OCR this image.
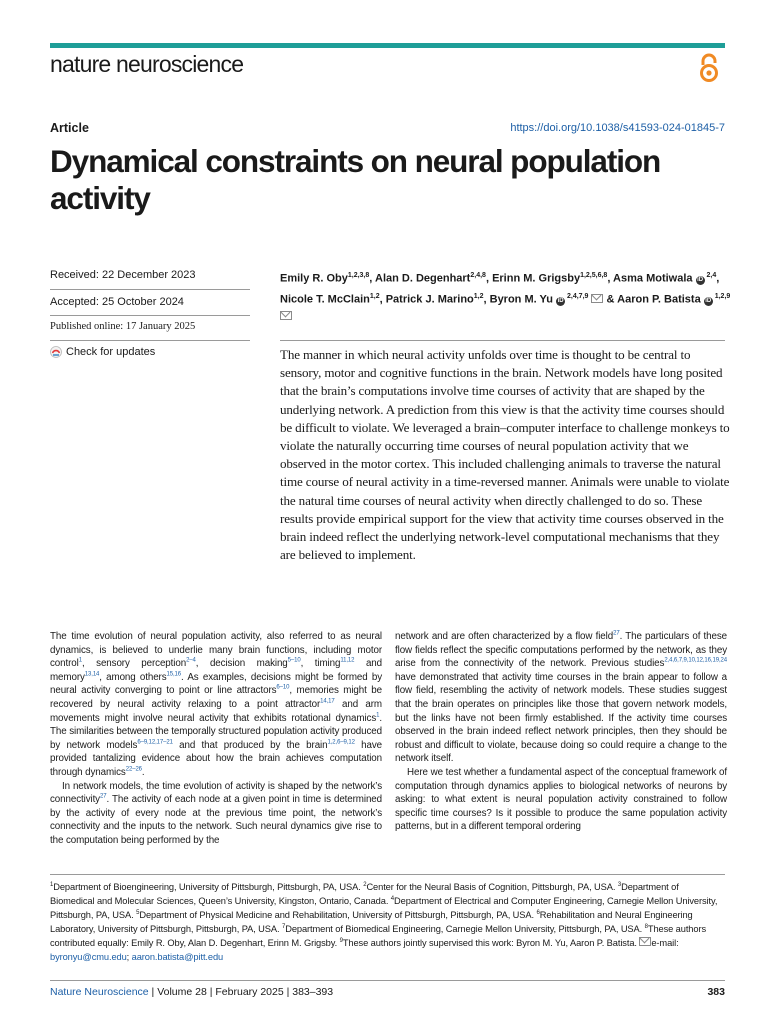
nature neuroscience
Article	https://doi.org/10.1038/s41593-024-01845-7
Dynamical constraints on neural population activity
Received: 22 December 2023
Accepted: 25 October 2024
Published online: 17 January 2025
Check for updates

Emily R. Oby$^{1,2,3,8}$, Alan D. Degenhart$^{2,4,8}$, Erinn M. Grigsby$^{1,2,5,6,8}$, Asma Motiwala iD $^{2,4}$, Nicole T. McClain$^{1,2}$, Patrick J. Marino$^{1,2}$, Byron M. Yu iD $^{2,4,7,9}$  & Aaron P. Batista iD $^{1,2,9}$

The manner in which neural activity unfolds over time is thought to be central to sensory, motor and cognitive functions in the brain. Network models have long posited that the brain’s computations involve time courses of activity that are shaped by the underlying network. A prediction from this view is that the activity time courses should be difficult to violate. We leveraged a brain–computer interface to challenge monkeys to violate the naturally occurring time courses of neural population activity that we observed in the motor cortex. This included challenging animals to traverse the natural time course of neural activity in a time-reversed manner. Animals were unable to violate the natural time courses of neural activity when directly challenged to do so. These results provide empirical support for the view that activity time courses observed in the brain indeed reflect the underlying network-level computational mechanisms that they are believed to implement.

The time evolution of neural population activity, also referred to as neural dynamics, is believed to underlie many brain functions, including motor control$^1$, sensory perception$^{2-4}$, decision making$^{5-10}$, timing$^{11,12}$ and memory$^{13,14}$, among others$^{15,16}$. As examples, decisions might be formed by neural activity converging to point or line attractors$^{6-10}$, memories might be recovered by neural activity relaxing to a point attractor$^{14,17}$ and arm movements might involve neural activity that exhibits rotational dynamics$^1$. The similarities between the temporally structured population activity produced by network models$^{6-9,12,17-21}$ and that produced by the brain$^{1,2,6-9,12}$ have provided tantalizing evidence about how the brain achieves computation through dynamics$^{22-26}$.

In network models, the time evolution of activity is shaped by the network’s connectivity$^{27}$. The activity of each node at a given point in time is determined by the activity of every node at the previous time point, the network’s connectivity and the inputs to the network. Such neural dynamics give rise to the computation being performed by the

network and are often characterized by a flow field$^{27}$. The particulars of these flow fields reflect the specific computations performed by the network, as they arise from the connectivity of the network. Previous studies$^{2,4,6,7,9,10,12,16,19,24}$ have demonstrated that activity time courses in the brain appear to follow a flow field, resembling the activity of network models. These studies suggest that the brain operates on principles like those that govern network models, but the links have not been firmly established. If the activity time courses observed in the brain indeed reflect network principles, then they should be robust and difficult to violate, because doing so could require a change to the network itself.

Here we test whether a fundamental aspect of the conceptual framework of computation through dynamics applies to biological networks of neurons by asking: to what extent is neural population activity constrained to follow specific time courses? Is it possible to produce the same population activity patterns, but in a different temporal ordering

$^1$Department of Bioengineering, University of Pittsburgh, Pittsburgh, PA, USA. $^2$Center for the Neural Basis of Cognition, Pittsburgh, PA, USA. $^3$Department of Biomedical and Molecular Sciences, Queen’s University, Kingston, Ontario, Canada. $^4$Department of Electrical and Computer Engineering, Carnegie Mellon University, Pittsburgh, PA, USA. $^5$Department of Physical Medicine and Rehabilitation, University of Pittsburgh, Pittsburgh, PA, USA. $^6$Rehabilitation and Neural Engineering Laboratory, University of Pittsburgh, Pittsburgh, PA, USA. $^7$Department of Biomedical Engineering, Carnegie Mellon University, Pittsburgh, PA, USA. $^8$These authors contributed equally: Emily R. Oby, Alan D. Degenhart, Erinn M. Grigsby. $^9$These authors jointly supervised this work: Byron M. Yu, Aaron P. Batista. e-mail: byronyu@cmu.edu; aaron.batista@pitt.edu

Nature Neuroscience | Volume 28 | February 2025 | 383–393	383
